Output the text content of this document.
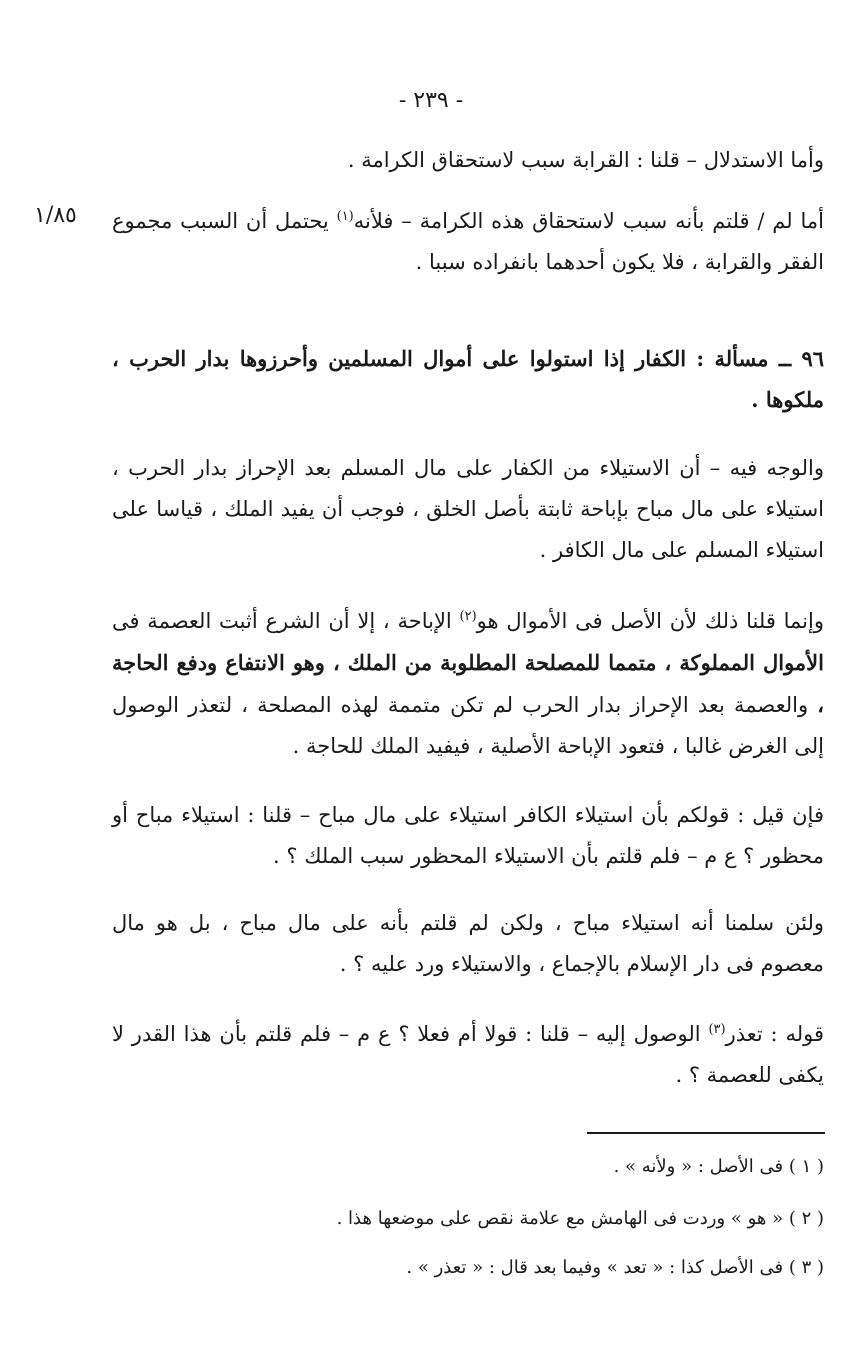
- ٢٣٩ -
١/٨٥
وأما الاستدلال – قلنا : القرابة سبب لاستحقاق الكرامة .
أما لم / قلتم بأنه سبب لاستحقاق هذه الكرامة – فلأنه$^{(١)}$ يحتمل أن السبب مجموع الفقر والقرابة ، فلا يكون أحدهما بانفراده سببا .
٩٦ ــ مسألة : الكفار إذا استولوا على أموال المسلمين وأحرزوها بدار الحرب ، ملكوها .
والوجه فيه – أن الاستيلاء من الكفار على مال المسلم بعد الإحراز بدار الحرب ، استيلاء على مال مباح بإباحة ثابتة بأصل الخلق ، فوجب أن يفيد الملك ، قياسا على استيلاء المسلم على مال الكافر .
وإنما قلنا ذلك لأن الأصل فى الأموال هو$^{(٢)}$ الإباحة ، إلا أن الشرع أثبت العصمة فى الأموال المملوكة ، متمما للمصلحة المطلوبة من الملك ، وهو الانتفاع ودفع الحاجة ، والعصمة بعد الإحراز بدار الحرب لم تكن متممة لهذه المصلحة ، لتعذر الوصول إلى الغرض غالبا ، فتعود الإباحة الأصلية ، فيفيد الملك للحاجة .
فإن قيل : قولكم بأن استيلاء الكافر استيلاء على مال مباح – قلنا : استيلاء مباح أو محظور ؟ ع م – فلم قلتم بأن الاستيلاء المحظور سبب الملك ؟ .
ولئن سلمنا أنه استيلاء مباح ، ولكن لم قلتم بأنه على مال مباح ، بل هو مال معصوم فى دار الإسلام بالإجماع ، والاستيلاء ورد عليه ؟ .
قوله : تعذر$^{(٣)}$ الوصول إليه – قلنا : قولا أم فعلا ؟ ع م – فلم قلتم بأن هذا القدر لا يكفى للعصمة ؟ .
( ١ ) فى الأصل : « ولأنه » .
( ٢ ) « هو » وردت فى الهامش مع علامة نقص على موضعها هذا .
( ٣ ) فى الأصل كذا : « تعد » وفيما بعد قال : « تعذر » .
